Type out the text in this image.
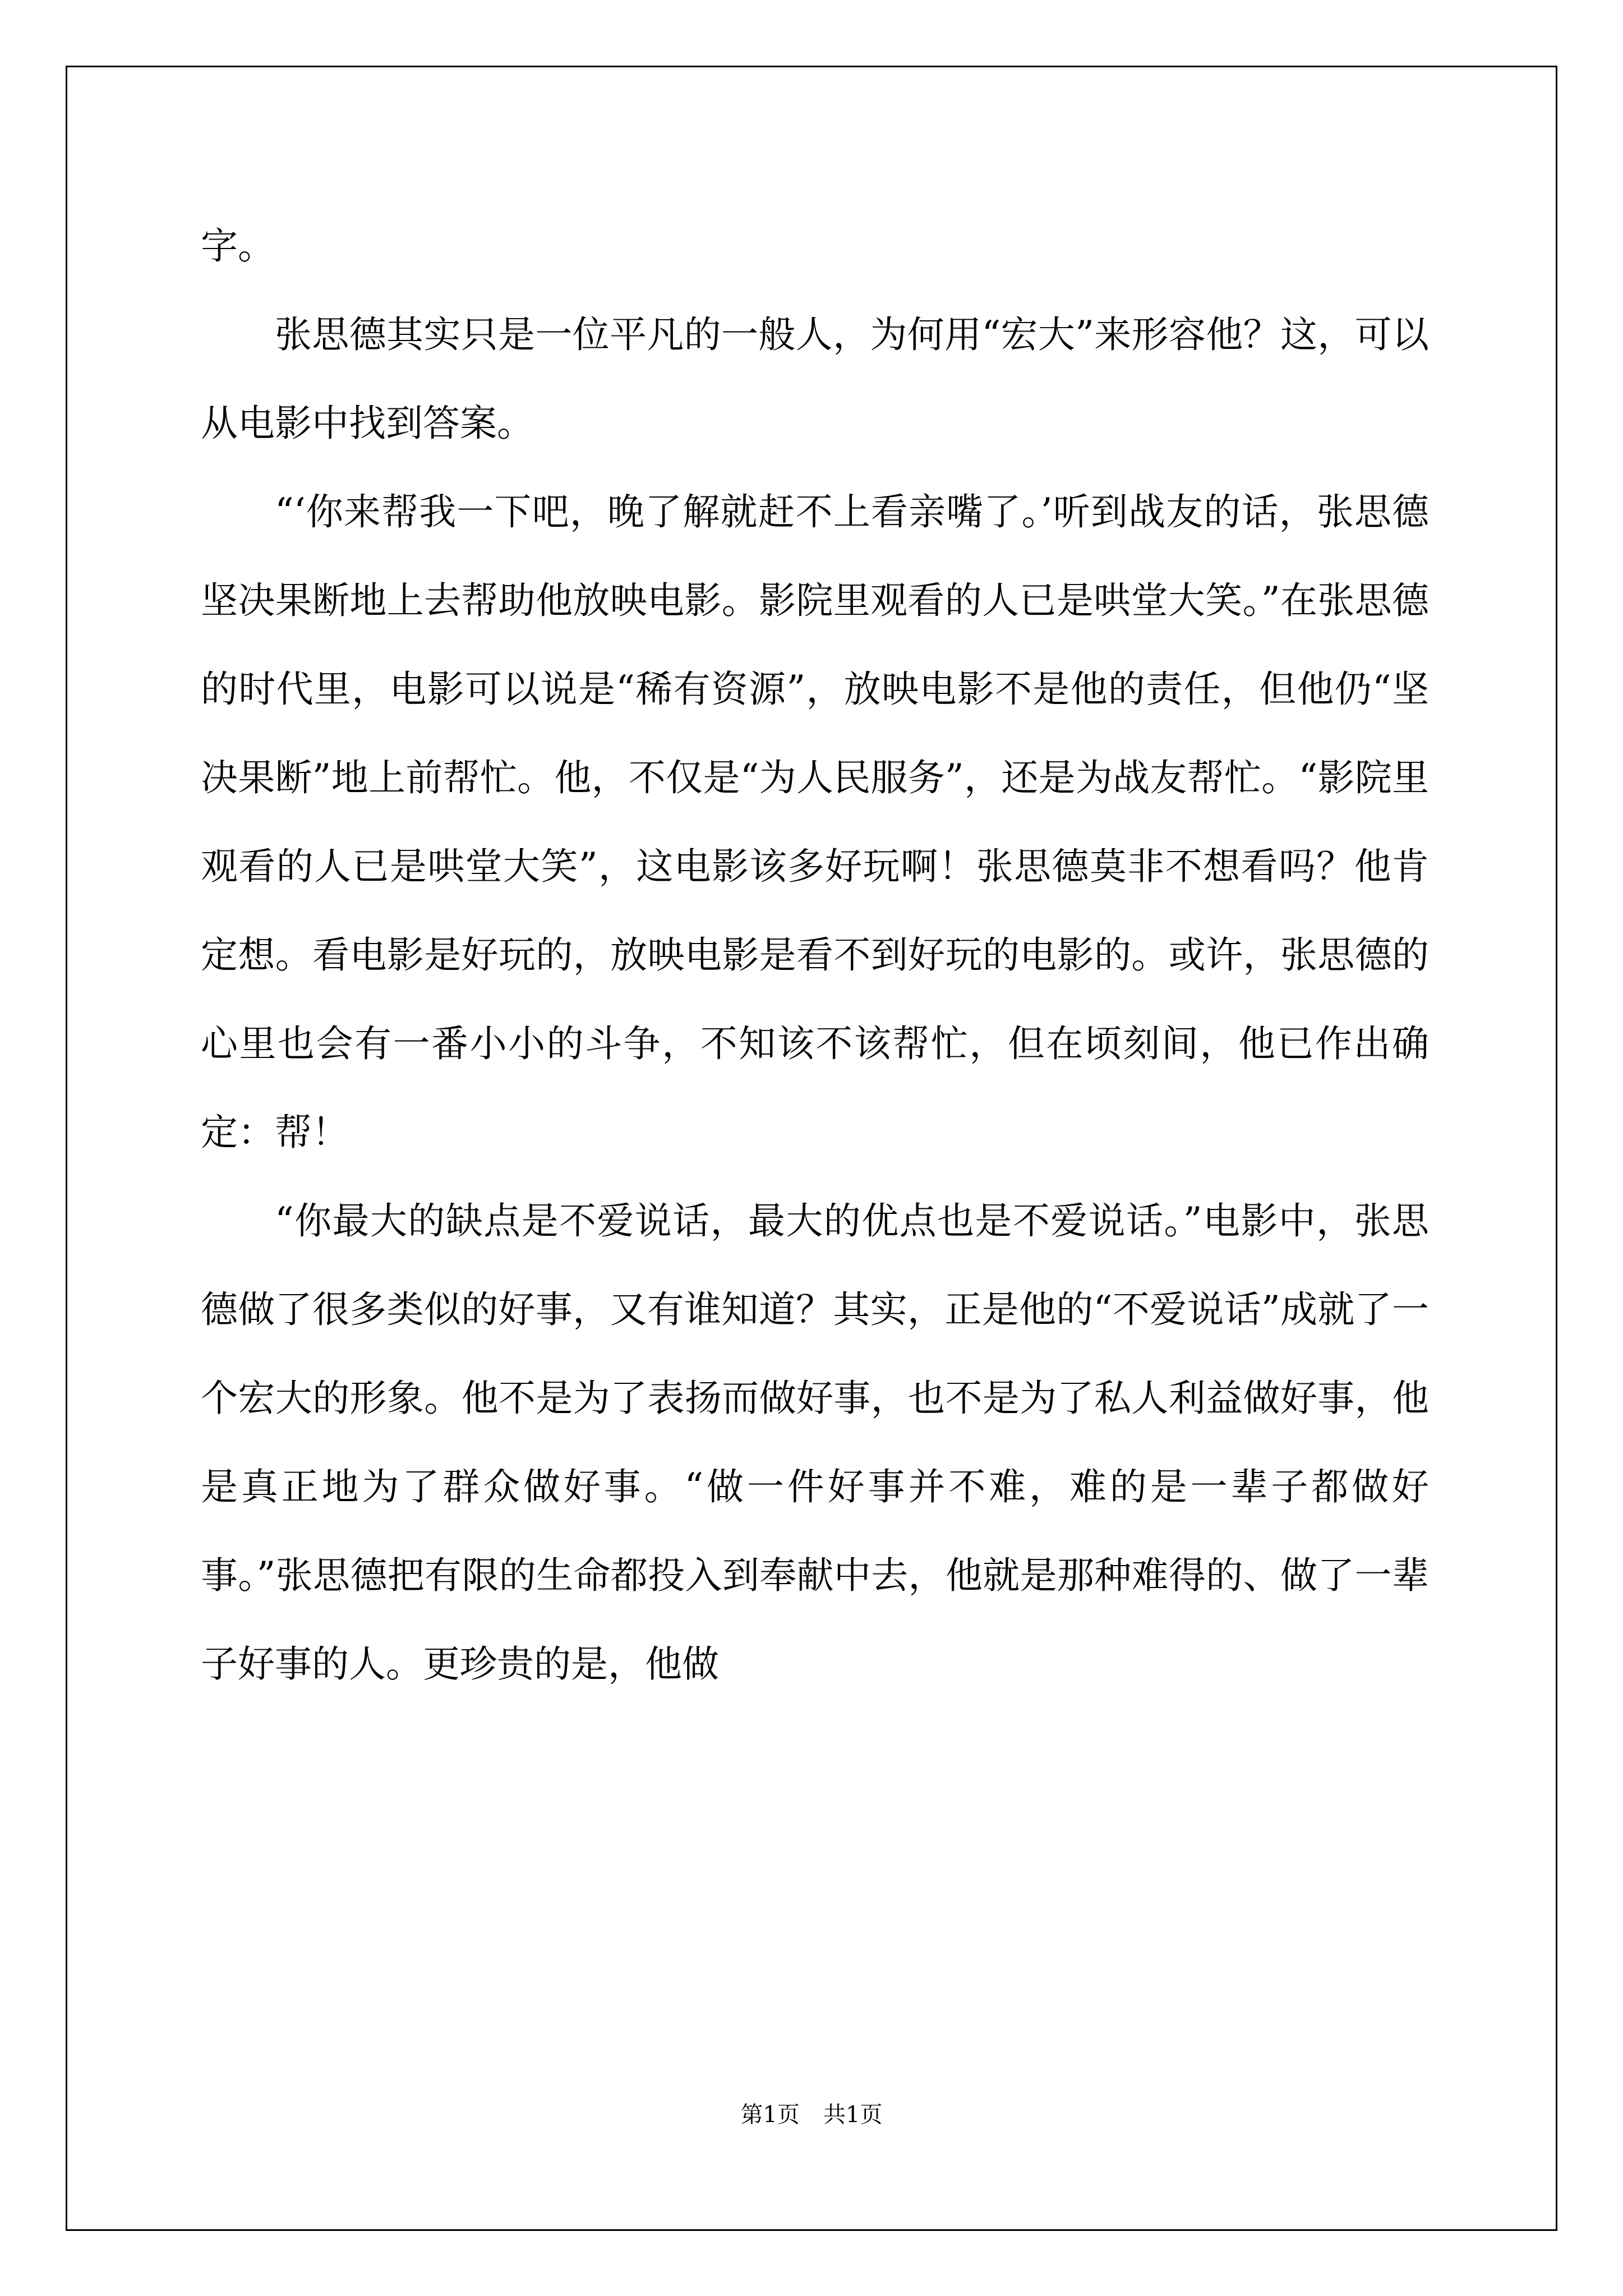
字。

张思德其实只是一位平凡的一般人，为何用“宏大”来形容他？这，可以从电影中找到答案。

“‘你来帮我一下吧，晚了解就赶不上看亲嘴了。’听到战友的话，张思德坚决果断地上去帮助他放映电影。影院里观看的人已是哄堂大笑。”在张思德的时代里，电影可以说是“稀有资源”，放映电影不是他的责任，但他仍“坚决果断”地上前帮忙。他，不仅是“为人民服务”，还是为战友帮忙。“影院里观看的人已是哄堂大笑”，这电影该多好玩啊！张思德莫非不想看吗？他肯定想。看电影是好玩的，放映电影是看不到好玩的电影的。或许，张思德的心里也会有一番小小的斗争，不知该不该帮忙，但在顷刻间，他已作出确定：帮！

“你最大的缺点是不爱说话，最大的优点也是不爱说话。”电影中，张思德做了很多类似的好事，又有谁知道？其实，正是他的“不爱说话”成就了一个宏大的形象。他不是为了表扬而做好事，也不是为了私人利益做好事，他是真正地为了群众做好事。“做一件好事并不难，难的是一辈子都做好事。”张思德把有限的生命都投入到奉献中去，他就是那种难得的、做了一辈子好事的人。更珍贵的是，他做

第1页 共1页
